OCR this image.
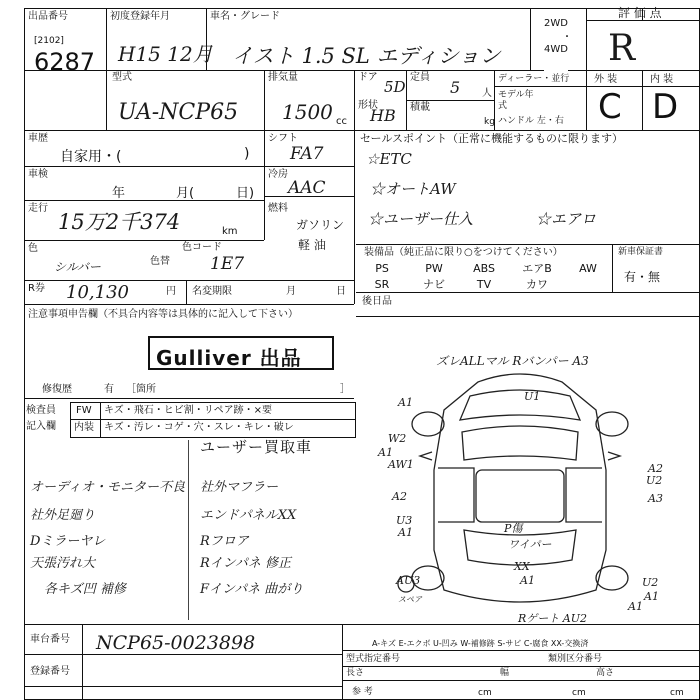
出品番号
[2102]
6287
初度登録年月
H15 12月
車名・グレード
イスト 1.5 SL エディション
2WD
・
4WD
評 価 点
R
型式
UA-NCP65
排気量
1500 cc
ドア
5D
形状
HB
定員
5 人
積載
kg
ディーラー・並行
モデル年式
ハンドル 左・右
外 装	内 装
C D
車歴
自家用・(	)
車検
年	月(	日)
走行
15万2千374	km
色
シルバー	色替
色コード
1E7
シフト
FA7
冷房
AAC
燃料
ガソリン
軽 油
セールスポイント（正常に機能するものに限ります）
☆ETC
☆オートAW
☆ユーザー仕入	☆エアロ
装備品（純正品に限り○をつけてください）
PS	PW	ABS	エアB	AW
SR	ナビ	TV	カワ
新車保証書
有・無
後日品
R券 10,130	円 名変期限	月	日
注意事項申告欄（不具合内容等は具体的に記入して下さい）
Gulliver 出品
修復歴	有 ［箇所	］
検査員
記入欄
FW キズ・飛石・ヒビ割・リペア跡・×要
内装 キズ・汚レ・コゲ・穴・スレ・キレ・破レ
ユーザー買取車
オーディオ・モニター不良
社外足廻り
Dミラーヤレ
天張汚れ大
各キズ凹 補修
社外マフラー
エンドパネルXX
Rフロア
Rインパネ 修正
Fインパネ 曲がり
ズレALLマル Rバンパー A3
A1	U1
W2
A1
AW1
A2
U3
A1	P傷
ワイパー
XX
A1
AU3
スペア
U2
A1
A3
A2
U2
A1
Rゲート AU2
A-キズ E-エクボ U-凹み W-補修跡 S-サビ C-腐食 XX-交換済
車台番号 NCP65-0023898
登録番号
型式指定番号	類別区分番号
長さ
参 考	cm
幅
cm
高さ
cm
